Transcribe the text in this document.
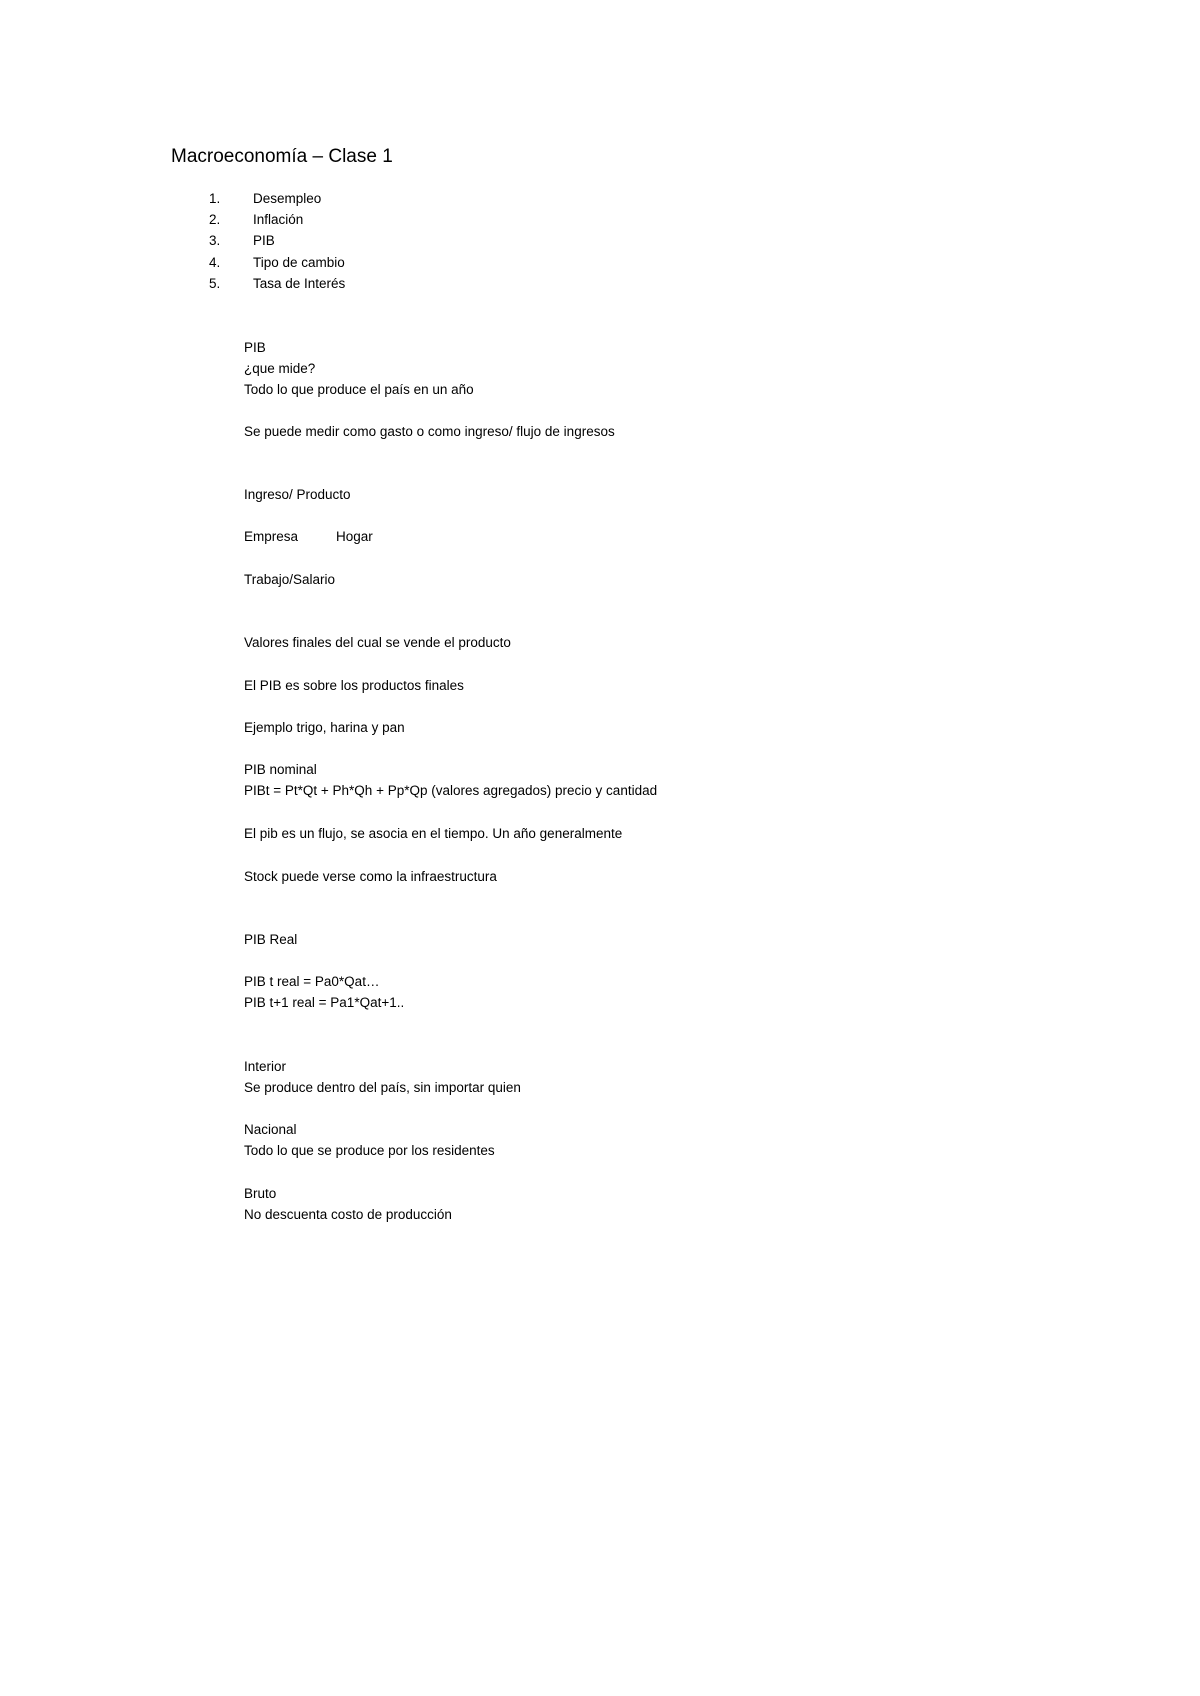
Macroeconomía – Clase 1
1. Desempleo
2. Inflación
3. PIB
4. Tipo de cambio
5. Tasa de Interés
PIB
¿que mide?
Todo lo que produce el país en un año
Se puede medir como gasto o como ingreso/ flujo de ingresos
Ingreso/ Producto
Empresa	Hogar
Trabajo/Salario
Valores finales del cual se vende el producto
El PIB es sobre los productos finales
Ejemplo trigo, harina y pan
PIB nominal
PIBt = Pt*Qt + Ph*Qh + Pp*Qp (valores agregados) precio y cantidad
El pib es un flujo, se asocia en el tiempo. Un año generalmente
Stock puede verse como la infraestructura
PIB Real
PIB t real = Pa0*Qat…
PIB t+1 real = Pa1*Qat+1..
Interior
Se produce dentro del país, sin importar quien
Nacional
Todo lo que se produce por los residentes
Bruto
No descuenta costo de producción
